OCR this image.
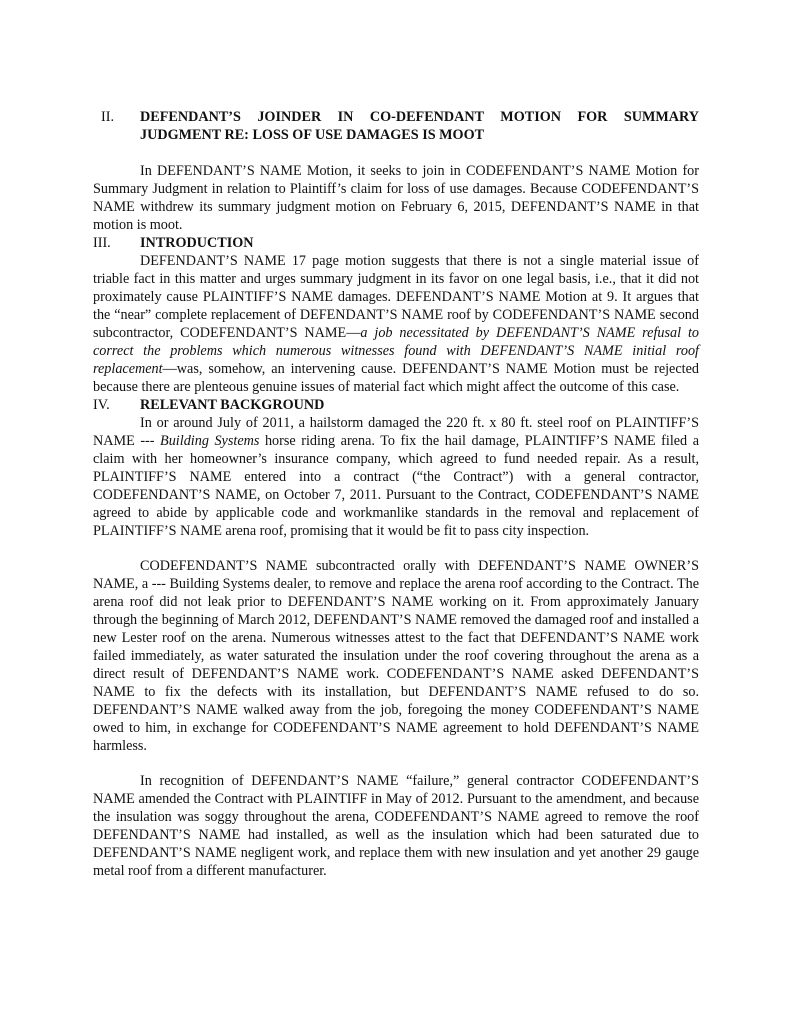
II.	DEFENDANT’S JOINDER IN CO-DEFENDANT MOTION FOR SUMMARY JUDGMENT RE: LOSS OF USE DAMAGES IS MOOT

In DEFENDANT’S NAME Motion, it seeks to join in CODEFENDANT’S NAME Motion for Summary Judgment in relation to Plaintiff’s claim for loss of use damages. Because CODEFENDANT’S NAME withdrew its summary judgment motion on February 6, 2015, DEFENDANT’S NAME in that motion is moot.

III.	INTRODUCTION

DEFENDANT’S NAME 17 page motion suggests that there is not a single material issue of triable fact in this matter and urges summary judgment in its favor on one legal basis, i.e., that it did not proximately cause PLAINTIFF’S NAME damages. DEFENDANT’S NAME Motion at 9. It argues that the “near” complete replacement of DEFENDANT’S NAME roof by CODEFENDANT’S NAME second subcontractor, CODEFENDANT’S NAME—a job necessitated by DEFENDANT’S NAME refusal to correct the problems which numerous witnesses found with DEFENDANT’S NAME initial roof replacement—was, somehow, an intervening cause. DEFENDANT’S NAME Motion must be rejected because there are plenteous genuine issues of material fact which might affect the outcome of this case.

IV.	RELEVANT BACKGROUND

In or around July of 2011, a hailstorm damaged the 220 ft. x 80 ft. steel roof on PLAINTIFF’S NAME --- Building Systems horse riding arena. To fix the hail damage, PLAINTIFF’S NAME filed a claim with her homeowner’s insurance company, which agreed to fund needed repair. As a result, PLAINTIFF’S NAME entered into a contract (“the Contract”) with a general contractor, CODEFENDANT’S NAME, on October 7, 2011. Pursuant to the Contract, CODEFENDANT’S NAME agreed to abide by applicable code and workmanlike standards in the removal and replacement of PLAINTIFF’S NAME arena roof, promising that it would be fit to pass city inspection.

CODEFENDANT’S NAME subcontracted orally with DEFENDANT’S NAME OWNER’S NAME, a --- Building Systems dealer, to remove and replace the arena roof according to the Contract. The arena roof did not leak prior to DEFENDANT’S NAME working on it. From approximately January through the beginning of March 2012, DEFENDANT’S NAME removed the damaged roof and installed a new Lester roof on the arena. Numerous witnesses attest to the fact that DEFENDANT’S NAME work failed immediately, as water saturated the insulation under the roof covering throughout the arena as a direct result of DEFENDANT’S NAME work. CODEFENDANT’S NAME asked DEFENDANT’S NAME to fix the defects with its installation, but DEFENDANT’S NAME refused to do so. DEFENDANT’S NAME walked away from the job, foregoing the money CODEFENDANT’S NAME owed to him, in exchange for CODEFENDANT’S NAME agreement to hold DEFENDANT’S NAME harmless.

In recognition of DEFENDANT’S NAME “failure,” general contractor CODEFENDANT’S NAME amended the Contract with PLAINTIFF in May of 2012. Pursuant to the amendment, and because the insulation was soggy throughout the arena, CODEFENDANT’S NAME agreed to remove the roof DEFENDANT’S NAME had installed, as well as the insulation which had been saturated due to DEFENDANT’S NAME negligent work, and replace them with new insulation and yet another 29 gauge metal roof from a different manufacturer.
